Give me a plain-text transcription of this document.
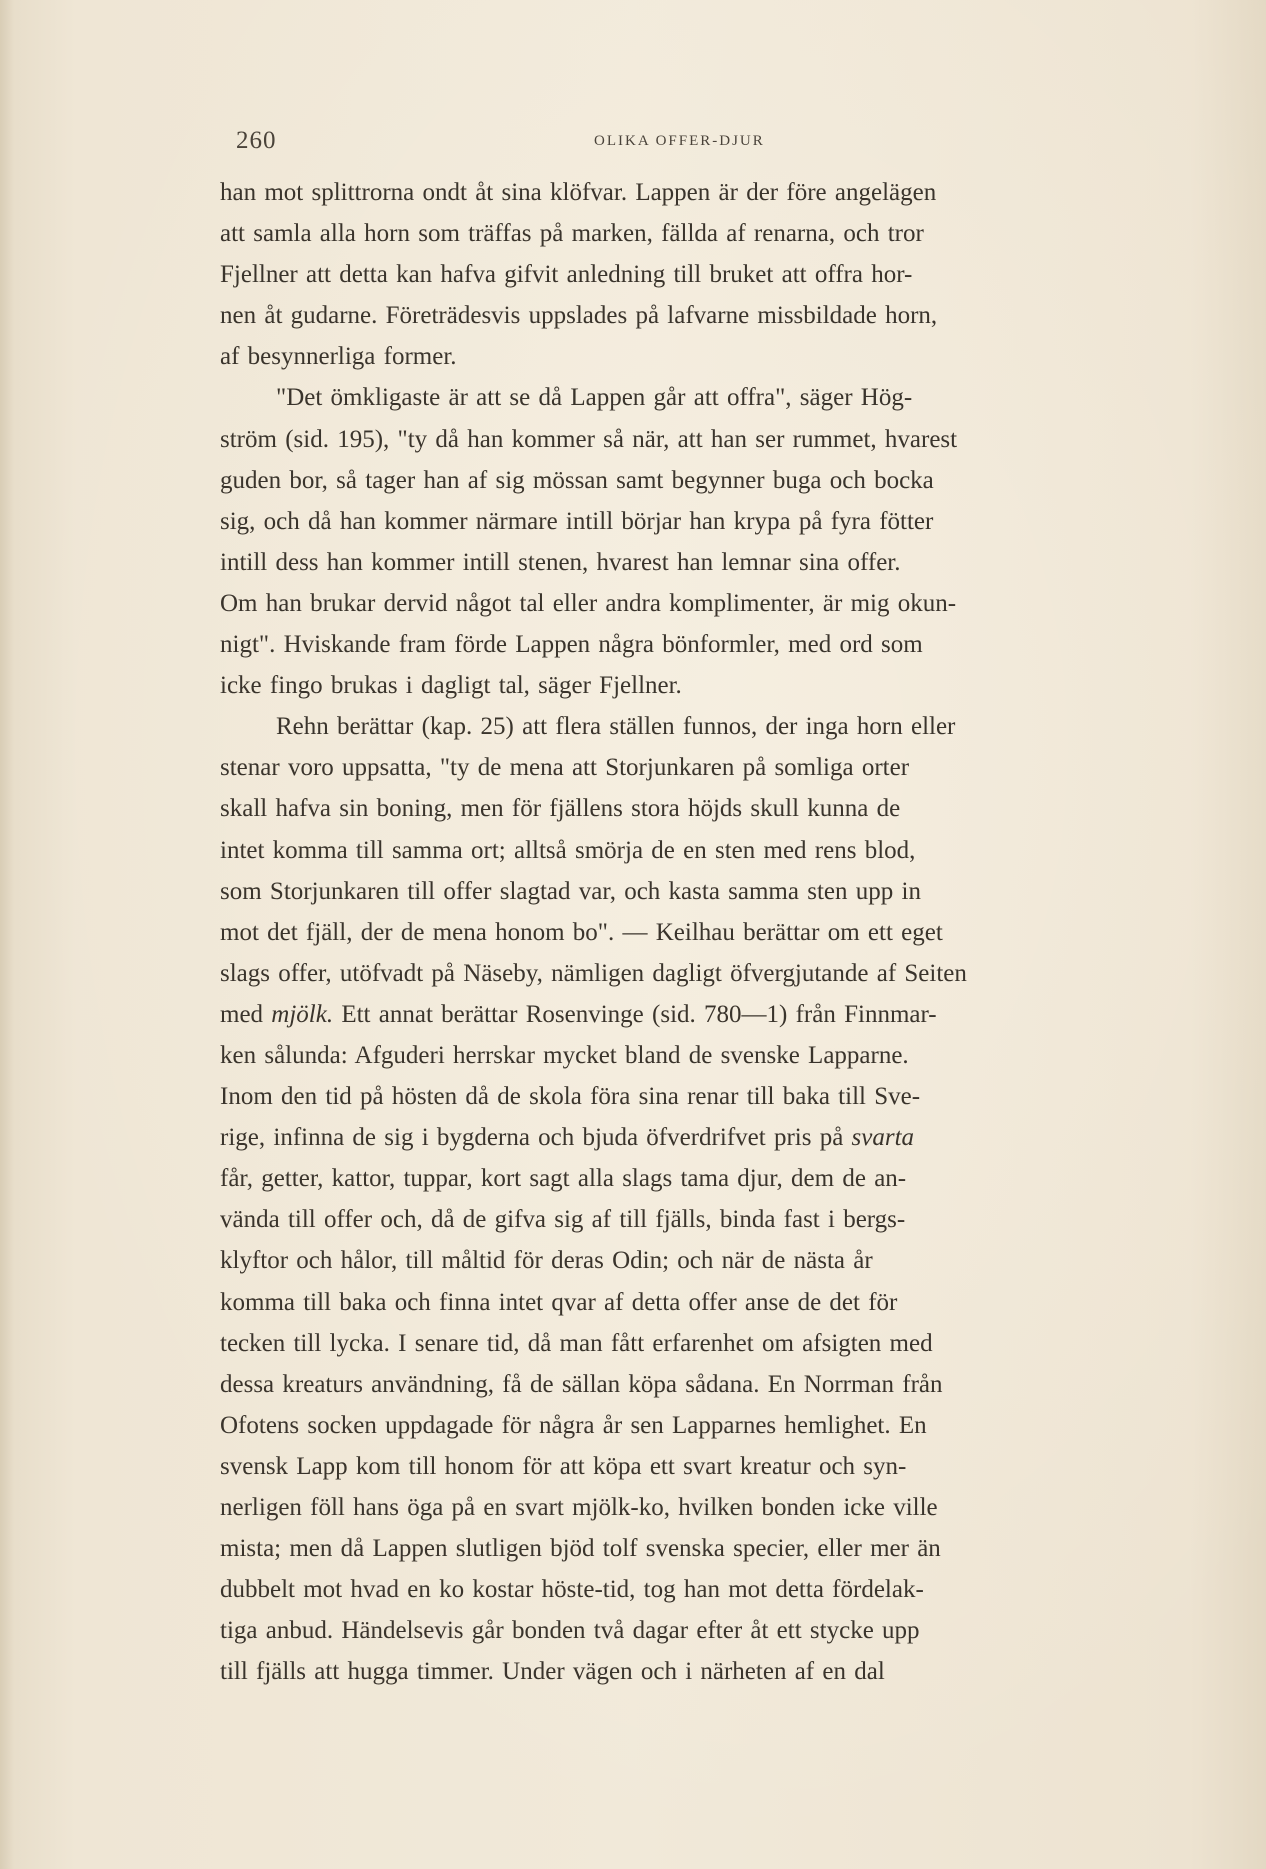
260	OLIKA OFFER-DJUR
han mot splittrorna ondt åt sina klöfvar. Lappen är der före angelägen
att samla alla horn som träffas på marken, fällda af renarna, och tror
Fjellner att detta kan hafva gifvit anledning till bruket att offra hor-
nen åt gudarne. Företrädesvis uppslades på lafvarne missbildade horn,
af besynnerliga former.
"Det ömkligaste är att se då Lappen går att offra", säger Hög-
ström (sid. 195), "ty då han kommer så när, att han ser rummet, hvarest
guden bor, så tager han af sig mössan samt begynner buga och bocka
sig, och då han kommer närmare intill börjar han krypa på fyra fötter
intill dess han kommer intill stenen, hvarest han lemnar sina offer.
Om han brukar dervid något tal eller andra komplimenter, är mig okun-
nigt". Hviskande fram förde Lappen några bönformler, med ord som
icke fingo brukas i dagligt tal, säger Fjellner.
Rehn berättar (kap. 25) att flera ställen funnos, der inga horn eller
stenar voro uppsatta, "ty de mena att Storjunkaren på somliga orter
skall hafva sin boning, men för fjällens stora höjds skull kunna de
intet komma till samma ort; alltså smörja de en sten med rens blod,
som Storjunkaren till offer slagtad var, och kasta samma sten upp in
mot det fjäll, der de mena honom bo". — Keilhau berättar om ett eget
slags offer, utöfvadt på Näseby, nämligen dagligt öfvergjutande af Seiten
med mjölk. Ett annat berättar Rosenvinge (sid. 780—1) från Finnmar-
ken sålunda: Afguderi herrskar mycket bland de svenske Lapparne.
Inom den tid på hösten då de skola föra sina renar till baka till Sve-
rige, infinna de sig i bygderna och bjuda öfverdrifvet pris på svarta
får, getter, kattor, tuppar, kort sagt alla slags tama djur, dem de an-
vända till offer och, då de gifva sig af till fjälls, binda fast i bergs-
klyftor och hålor, till måltid för deras Odin; och när de nästa år
komma till baka och finna intet qvar af detta offer anse de det för
tecken till lycka. I senare tid, då man fått erfarenhet om afsigten med
dessa kreaturs användning, få de sällan köpa sådana. En Norrman från
Ofotens socken uppdagade för några år sen Lapparnes hemlighet. En
svensk Lapp kom till honom för att köpa ett svart kreatur och syn-
nerligen föll hans öga på en svart mjölk-ko, hvilken bonden icke ville
mista; men då Lappen slutligen bjöd tolf svenska specier, eller mer än
dubbelt mot hvad en ko kostar höste-tid, tog han mot detta fördelak-
tiga anbud. Händelsevis går bonden två dagar efter åt ett stycke upp
till fjälls att hugga timmer. Under vägen och i närheten af en dal
